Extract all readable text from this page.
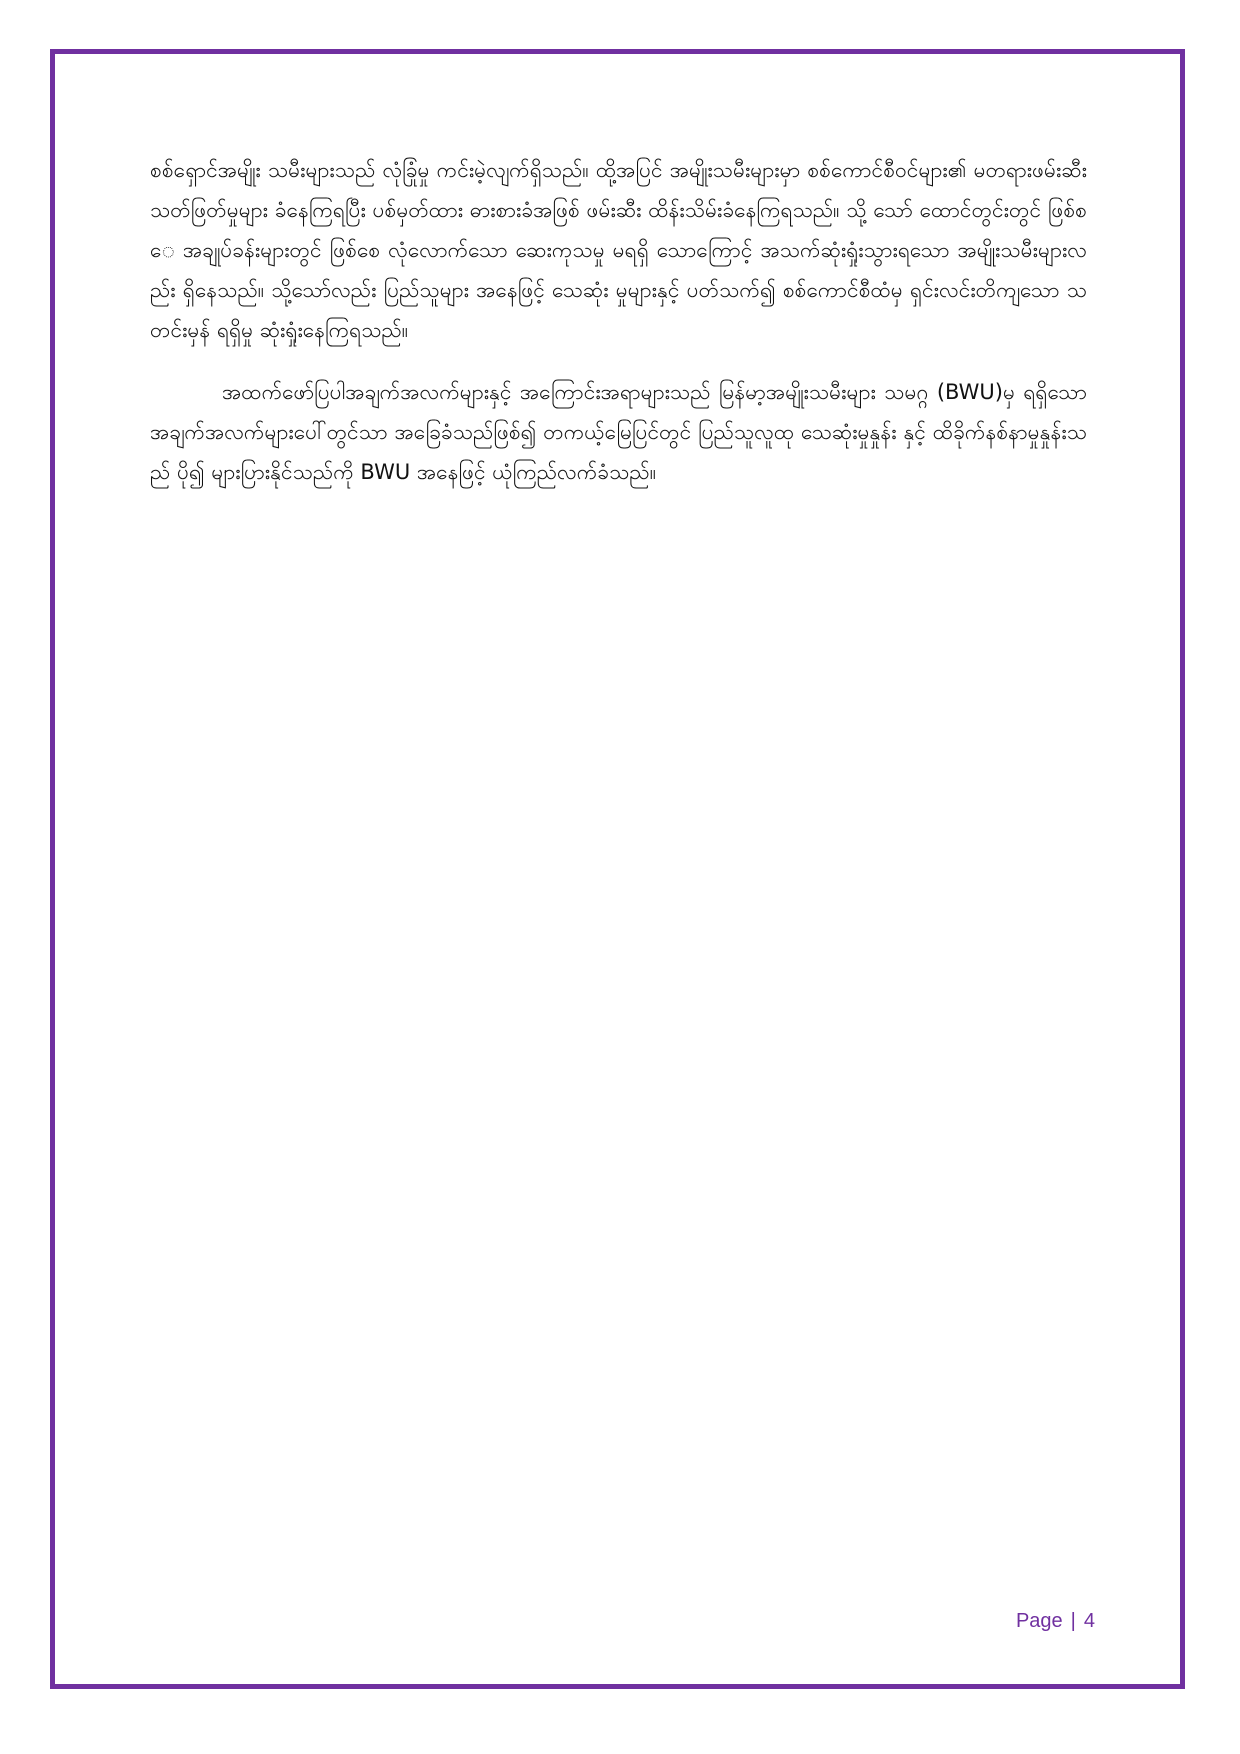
စစ်ရှောင်အမျိုး သမီးများသည် လုံခြုံမှု ကင်းမဲ့လျက်ရှိသည်။ ထို့အပြင် အမျိုးသမီးများမှာ စစ်ကောင်စီဝင်များ၏ မတရားဖမ်းဆီး သတ်ဖြတ်မှုများ ခံနေကြရပြီး ပစ်မှတ်ထား ဓားစားခံအဖြစ် ဖမ်းဆီး ထိန်းသိမ်းခံနေကြရသည်။ သို့ သော် ထောင်တွင်းတွင် ဖြစ်စေ အချုပ်ခန်းများတွင် ဖြစ်စေ လုံလောက်သော ဆေးကုသမှု မရရှိ သောကြောင့် အသက်ဆုံးရှုံးသွားရသော အမျိုးသမီးများလည်း ရှိနေသည်။ သို့သော်လည်း ပြည်သူများ အနေဖြင့် သေဆုံး မှုများနှင့် ပတ်သက်၍ စစ်ကောင်စီထံမှ ရှင်းလင်းတိကျသော သတင်းမှန် ရရှိမှု ဆုံးရှုံးနေကြရသည်။

အထက်ဖော်ပြပါအချက်အလက်များနှင့် အကြောင်းအရာများသည် မြန်မာ့အမျိုးသမီးများ သမဂ္ဂ (BWU)မှ ရရှိသော အချက်အလက်များပေါ်တွင်သာ အခြေခံသည်ဖြစ်၍ တကယ့်မြေပြင်တွင် ပြည်သူလူထု သေဆုံးမှုနှုန်း နှင့် ထိခိုက်နစ်နာမှုနှုန်းသည် ပို၍ များပြားနိုင်သည်ကို BWU အနေဖြင့် ယုံကြည်လက်ခံသည်။

Page | 4
